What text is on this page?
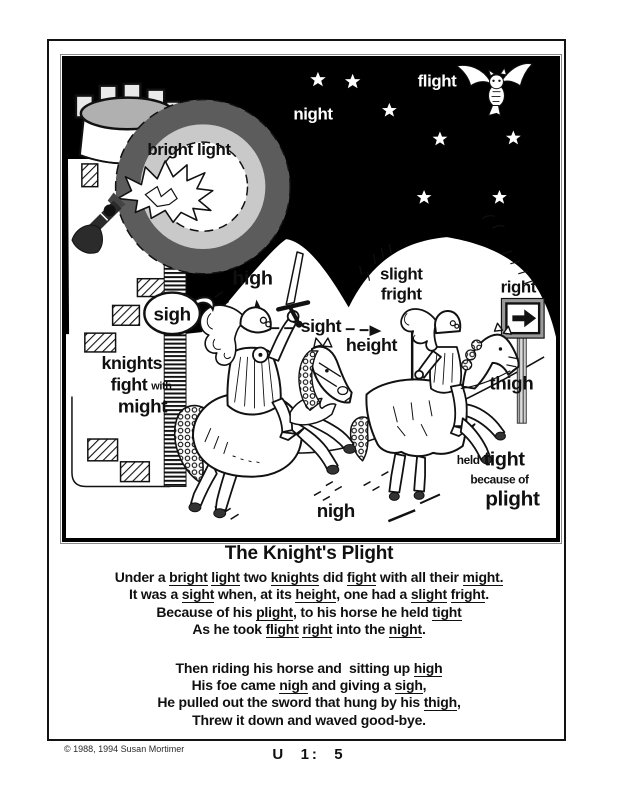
night
flight
bright light
sigh
high
sight
height
slight
fright	right
thigh
knights
fight with
might
nigh
held tight
because of
plight
The Knight's Plight
Under a bright light two knights did fight with all their might.
It was a sight when, at its height, one had a slight fright.
Because of his plight, to his horse he held tight
As he took flight right into the night.
Then riding his horse and  sitting up high
His foe came nigh and giving a sigh,
He pulled out the sword that hung by his thigh,
Threw it down and waved good-bye.
© 1988, 1994 Susan Mortimer	U  1:  5
